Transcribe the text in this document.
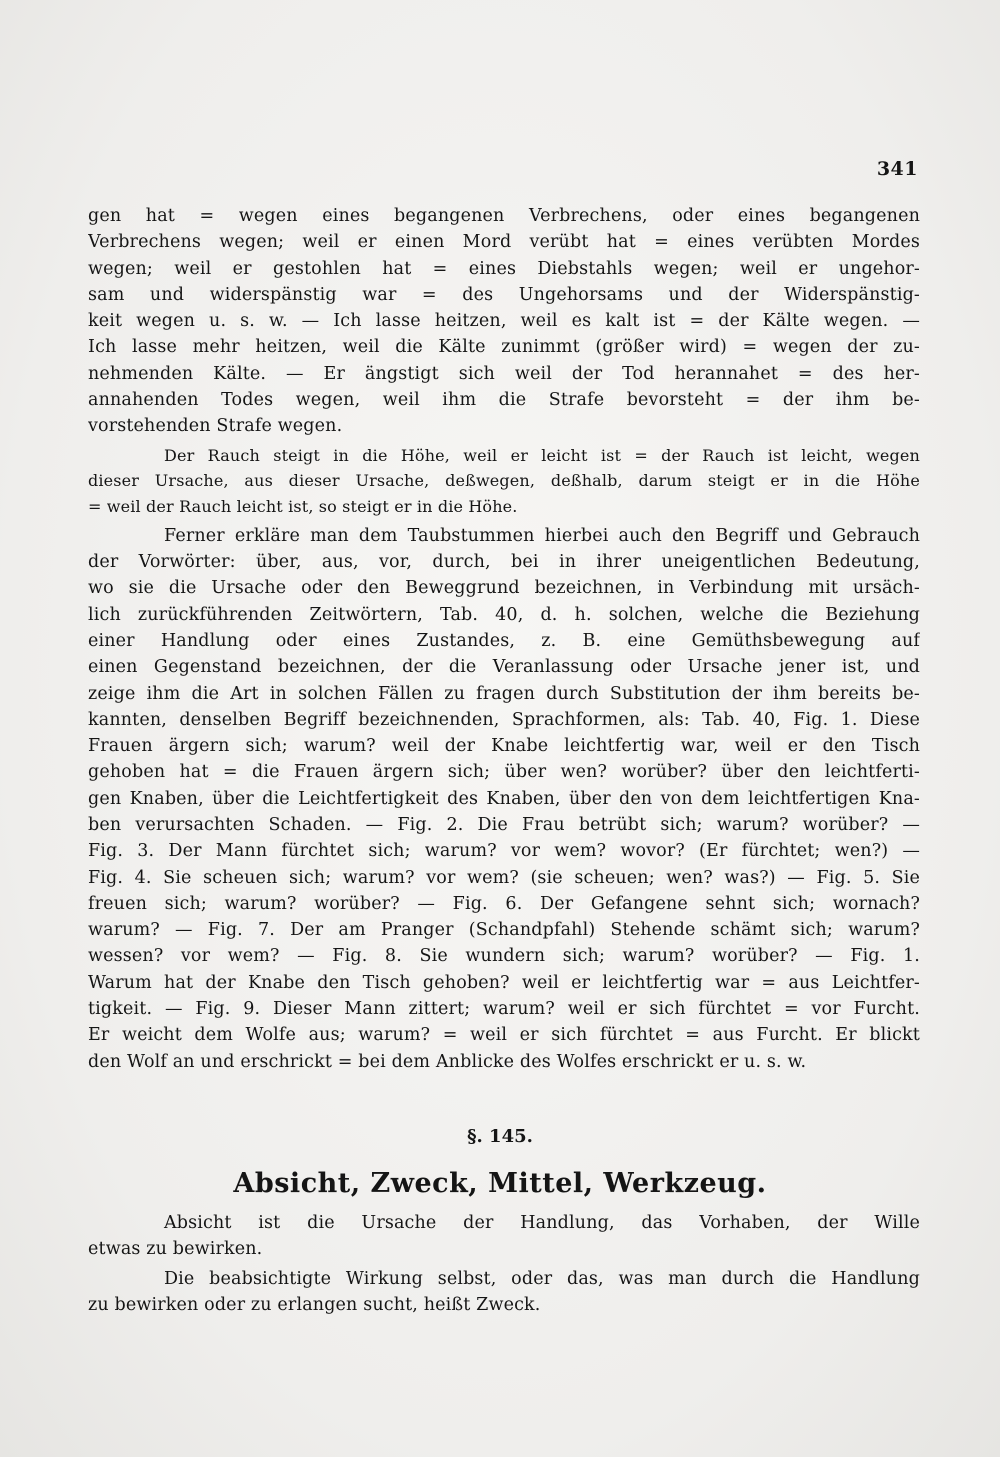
341
gen hat = wegen eines begangenen Verbrechens, oder eines begangenen
Verbrechens wegen; weil er einen Mord verübt hat = eines verübten Mordes
wegen; weil er gestohlen hat = eines Diebstahls wegen; weil er ungehor-
sam und widerspänstig war = des Ungehorsams und der Widerspänstig-
keit wegen u. s. w. — Ich lasse heitzen, weil es kalt ist = der Kälte wegen. —
Ich lasse mehr heitzen, weil die Kälte zunimmt (größer wird) = wegen der zu-
nehmenden Kälte. — Er ängstigt sich weil der Tod herannahet = des her-
annahenden Todes wegen, weil ihm die Strafe bevorsteht = der ihm be-
vorstehenden Strafe wegen.
Der Rauch steigt in die Höhe, weil er leicht ist = der Rauch ist leicht, wegen
dieser Ursache, aus dieser Ursache, deßwegen, deßhalb, darum steigt er in die Höhe
= weil der Rauch leicht ist, so steigt er in die Höhe.
Ferner erkläre man dem Taubstummen hierbei auch den Begriff und Gebrauch
der Vorwörter: über, aus, vor, durch, bei in ihrer uneigentlichen Bedeutung,
wo sie die Ursache oder den Beweggrund bezeichnen, in Verbindung mit ursäch-
lich zurückführenden Zeitwörtern, Tab. 40, d. h. solchen, welche die Beziehung
einer Handlung oder eines Zustandes, z. B. eine Gemüthsbewegung auf
einen Gegenstand bezeichnen, der die Veranlassung oder Ursache jener ist, und
zeige ihm die Art in solchen Fällen zu fragen durch Substitution der ihm bereits be-
kannten, denselben Begriff bezeichnenden, Sprachformen, als: Tab. 40, Fig. 1. Diese
Frauen ärgern sich; warum? weil der Knabe leichtfertig war, weil er den Tisch
gehoben hat = die Frauen ärgern sich; über wen? worüber? über den leichtferti-
gen Knaben, über die Leichtfertigkeit des Knaben, über den von dem leichtfertigen Kna-
ben verursachten Schaden. — Fig. 2. Die Frau betrübt sich; warum? worüber? —
Fig. 3. Der Mann fürchtet sich; warum? vor wem? wovor? (Er fürchtet; wen?) —
Fig. 4. Sie scheuen sich; warum? vor wem? (sie scheuen; wen? was?) — Fig. 5. Sie
freuen sich; warum? worüber? — Fig. 6. Der Gefangene sehnt sich; wornach?
warum? — Fig. 7. Der am Pranger (Schandpfahl) Stehende schämt sich; warum?
wessen? vor wem? — Fig. 8. Sie wundern sich; warum? worüber? — Fig. 1.
Warum hat der Knabe den Tisch gehoben? weil er leichtfertig war = aus Leichtfer-
tigkeit. — Fig. 9. Dieser Mann zittert; warum? weil er sich fürchtet = vor Furcht.
Er weicht dem Wolfe aus; warum? = weil er sich fürchtet = aus Furcht. Er blickt
den Wolf an und erschrickt = bei dem Anblicke des Wolfes erschrickt er u. s. w.
§. 145.
Absicht, Zweck, Mittel, Werkzeug.
Absicht ist die Ursache der Handlung, das Vorhaben, der Wille
etwas zu bewirken.
Die beabsichtigte Wirkung selbst, oder das, was man durch die Handlung
zu bewirken oder zu erlangen sucht, heißt Zweck.
